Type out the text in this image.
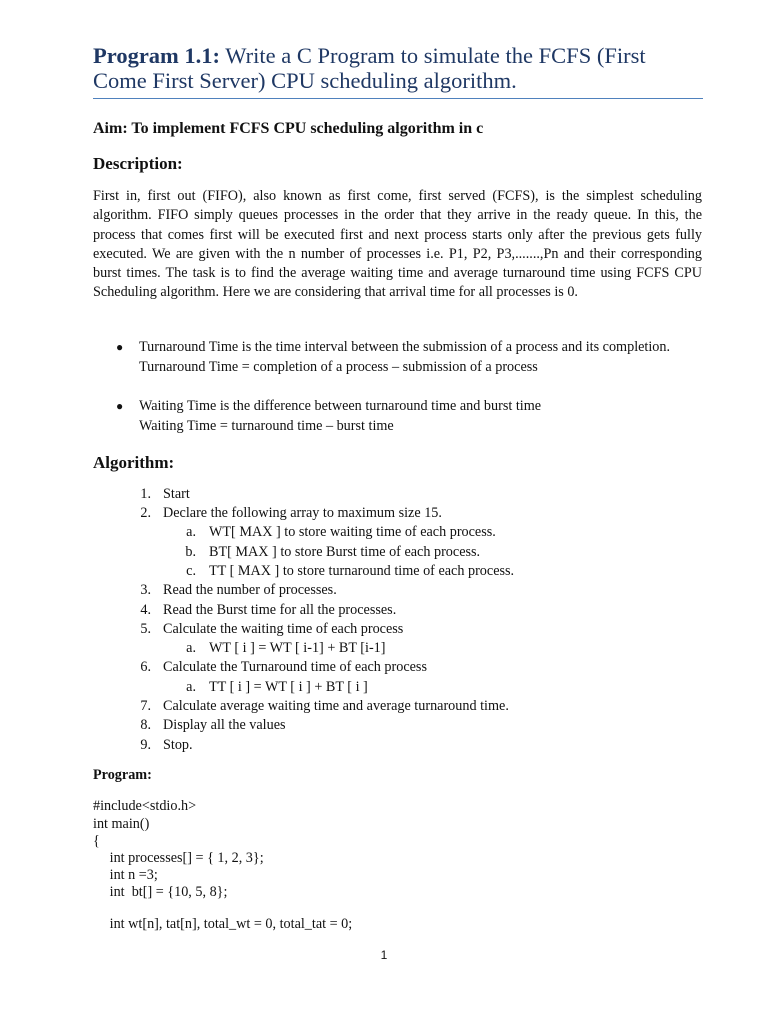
Program 1.1: Write a C Program to simulate the FCFS (First Come First Server) CPU scheduling algorithm.

Aim: To implement FCFS CPU scheduling algorithm in c

Description:

First in, first out (FIFO), also known as first come, first served (FCFS), is the simplest scheduling algorithm. FIFO simply queues processes in the order that they arrive in the ready queue. In this, the process that comes first will be executed first and next process starts only after the previous gets fully executed. We are given with the n number of processes i.e. P1, P2, P3,.......,Pn and their corresponding burst times. The task is to find the average waiting time and average turnaround time using FCFS CPU Scheduling algorithm. Here we are considering that arrival time for all processes is 0.

● Turnaround Time is the time interval between the submission of a process and its completion.
Turnaround Time = completion of a process – submission of a process
● Waiting Time is the difference between turnaround time and burst time
Waiting Time = turnaround time – burst time

Algorithm:

1. Start

2. Declare the following array to maximum size 15.

a. WT[ MAX ] to store waiting time of each process.

b. BT[ MAX ] to store Burst time of each process.

c. TT [ MAX ] to store turnaround time of each process.

3. Read the number of processes.

4. Read the Burst time for all the processes.

5. Calculate the waiting time of each process

a. WT [ i ] = WT [ i-1] + BT [i-1]

6. Calculate the Turnaround time of each process

a. TT [ i ] = WT [ i ] + BT [ i ]

7. Calculate average waiting time and average turnaround time.

8. Display all the values

9. Stop.

Program:

#include<stdio.h>

int main()

{

int processes[] = { 1, 2, 3};

int n =3;

int  bt[] = {10, 5, 8};

int wt[n], tat[n], total_wt = 0, total_tat = 0;

1
